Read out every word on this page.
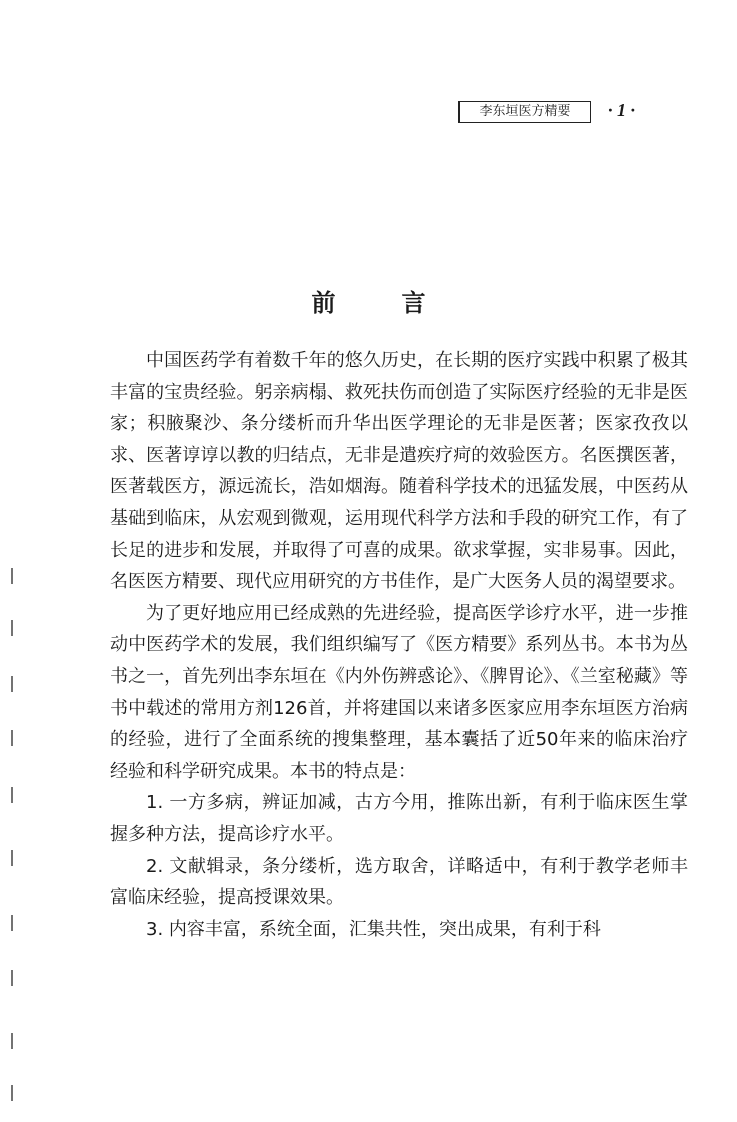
李东垣医方精要	· 1 ·
前言

中国医药学有着数千年的悠久历史，在长期的医疗实践中积累了极其丰富的宝贵经验。躬亲病榻、救死扶伤而创造了实际医疗经验的无非是医家；积腋聚沙、条分缕析而升华出医学理论的无非是医著；医家孜孜以求、医著谆谆以教的归结点，无非是遣疾疗疴的效验医方。名医撰医著，医著载医方，源远流长，浩如烟海。随着科学技术的迅猛发展，中医药从基础到临床，从宏观到微观，运用现代科学方法和手段的研究工作，有了长足的进步和发展，并取得了可喜的成果。欲求掌握，实非易事。因此，名医医方精要、现代应用研究的方书佳作，是广大医务人员的渴望要求。

为了更好地应用已经成熟的先进经验，提高医学诊疗水平，进一步推动中医药学术的发展，我们组织编写了《医方精要》系列丛书。本书为丛书之一，首先列出李东垣在《内外伤辨惑论》、《脾胃论》、《兰室秘藏》等书中载述的常用方剂126首，并将建国以来诸多医家应用李东垣医方治病的经验，进行了全面系统的搜集整理，基本囊括了近50年来的临床治疗经验和科学研究成果。本书的特点是：

1. 一方多病，辨证加减，古方今用，推陈出新，有利于临床医生掌握多种方法，提高诊疗水平。

2. 文献辑录，条分缕析，选方取舍，详略适中，有利于教学老师丰富临床经验，提高授课效果。

3. 内容丰富，系统全面，汇集共性，突出成果，有利于科
